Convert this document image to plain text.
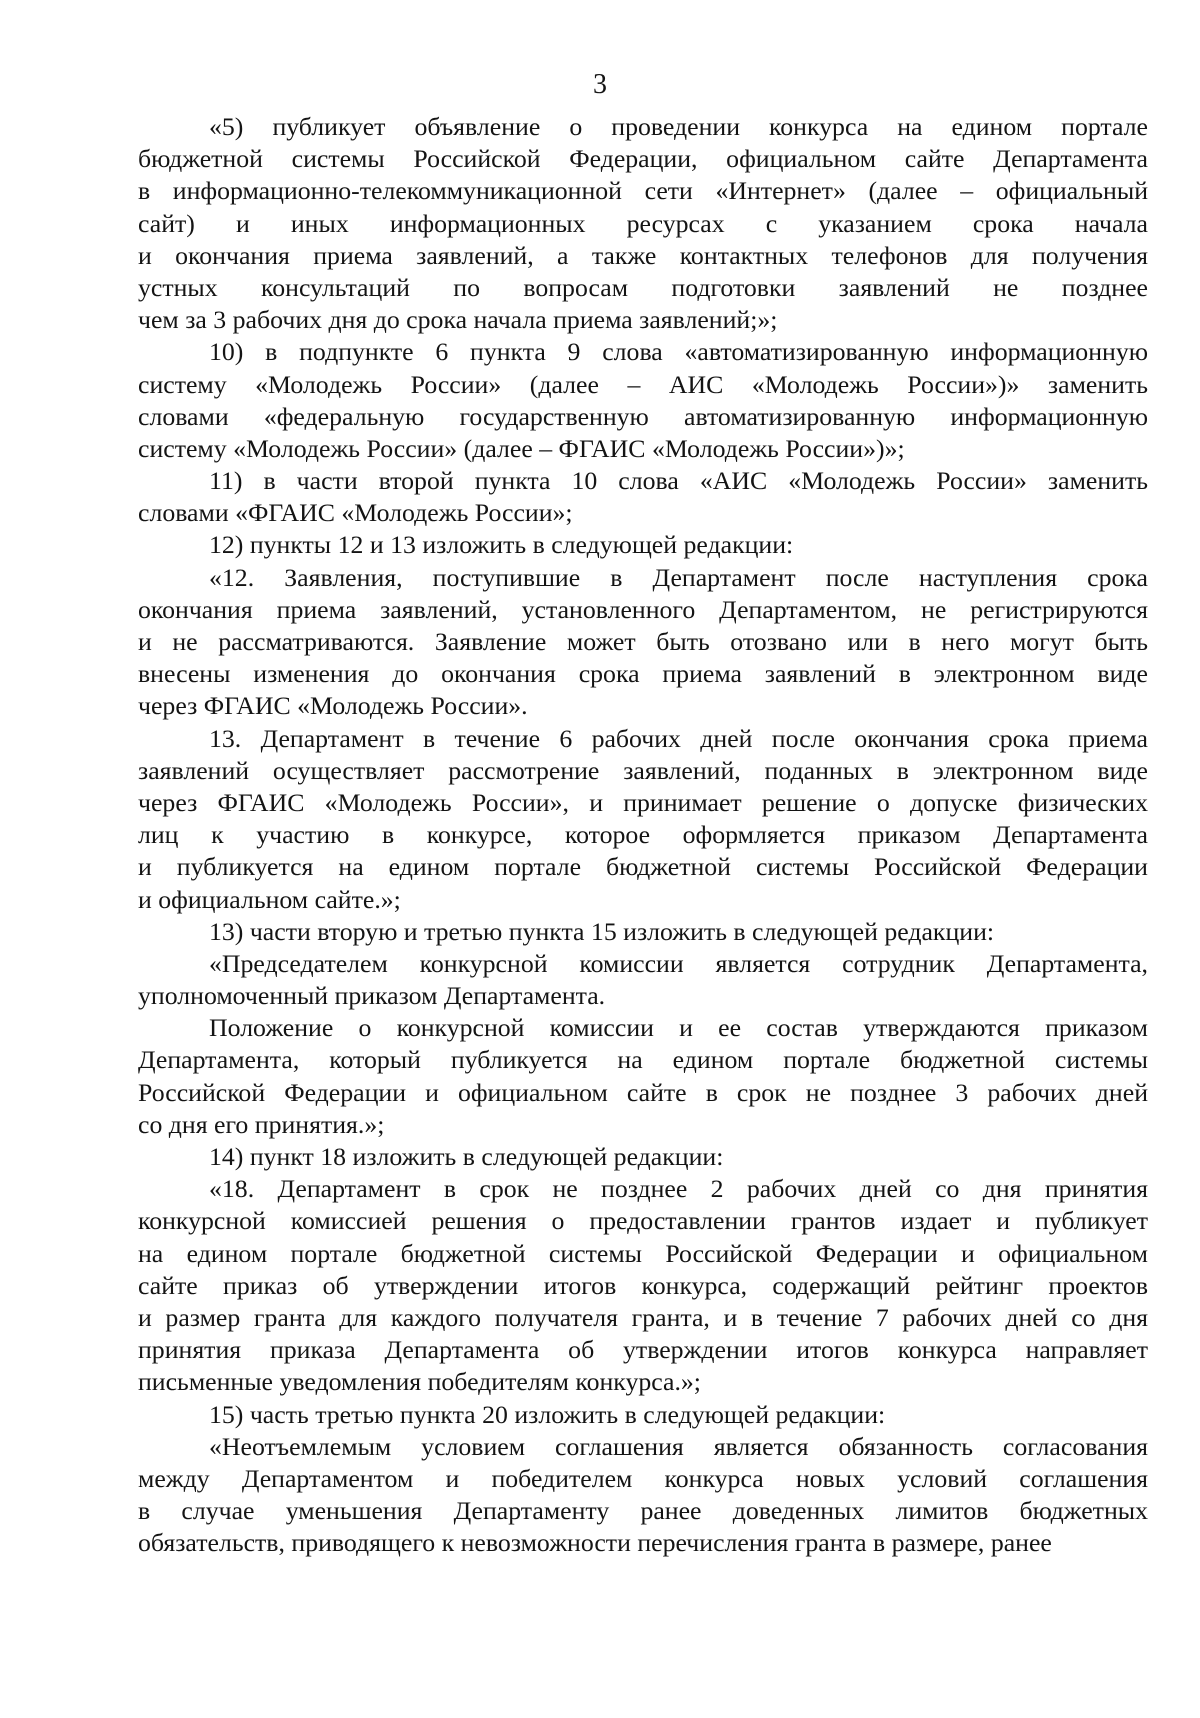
3
«5) публикует объявление о проведении конкурса на едином портале
бюджетной системы Российской Федерации, официальном сайте Департамента
в информационно-телекоммуникационной сети «Интернет» (далее – официальный
сайт) и иных информационных ресурсах с указанием срока начала
и окончания приема заявлений, а также контактных телефонов для получения
устных консультаций по вопросам подготовки заявлений не позднее
чем за 3 рабочих дня до срока начала приема заявлений;»;
10) в подпункте 6 пункта 9 слова «автоматизированную информационную
систему «Молодежь России» (далее – АИС «Молодежь России»)» заменить
словами «федеральную государственную автоматизированную информационную
систему «Молодежь России» (далее – ФГАИС «Молодежь России»)»;
11) в части второй пункта 10 слова «АИС «Молодежь России» заменить
словами «ФГАИС «Молодежь России»;
12) пункты 12 и 13 изложить в следующей редакции:
«12. Заявления, поступившие в Департамент после наступления срока
окончания приема заявлений, установленного Департаментом, не регистрируются
и не рассматриваются. Заявление может быть отозвано или в него могут быть
внесены изменения до окончания срока приема заявлений в электронном виде
через ФГАИС «Молодежь России».
13. Департамент в течение 6 рабочих дней после окончания срока приема
заявлений осуществляет рассмотрение заявлений, поданных в электронном виде
через ФГАИС «Молодежь России», и принимает решение о допуске физических
лиц к участию в конкурсе, которое оформляется приказом Департамента
и публикуется на едином портале бюджетной системы Российской Федерации
и официальном сайте.»;
13) части вторую и третью пункта 15 изложить в следующей редакции:
«Председателем конкурсной комиссии является сотрудник Департамента,
уполномоченный приказом Департамента.
Положение о конкурсной комиссии и ее состав утверждаются приказом
Департамента, который публикуется на едином портале бюджетной системы
Российской Федерации и официальном сайте в срок не позднее 3 рабочих дней
со дня его принятия.»;
14) пункт 18 изложить в следующей редакции:
«18. Департамент в срок не позднее 2 рабочих дней со дня принятия
конкурсной комиссией решения о предоставлении грантов издает и публикует
на едином портале бюджетной системы Российской Федерации и официальном
сайте приказ об утверждении итогов конкурса, содержащий рейтинг проектов
и размер гранта для каждого получателя гранта, и в течение 7 рабочих дней со дня
принятия приказа Департамента об утверждении итогов конкурса направляет
письменные уведомления победителям конкурса.»;
15) часть третью пункта 20 изложить в следующей редакции:
«Неотъемлемым условием соглашения является обязанность согласования
между Департаментом и победителем конкурса новых условий соглашения
в случае уменьшения Департаменту ранее доведенных лимитов бюджетных
обязательств, приводящего к невозможности перечисления гранта в размере, ранее
